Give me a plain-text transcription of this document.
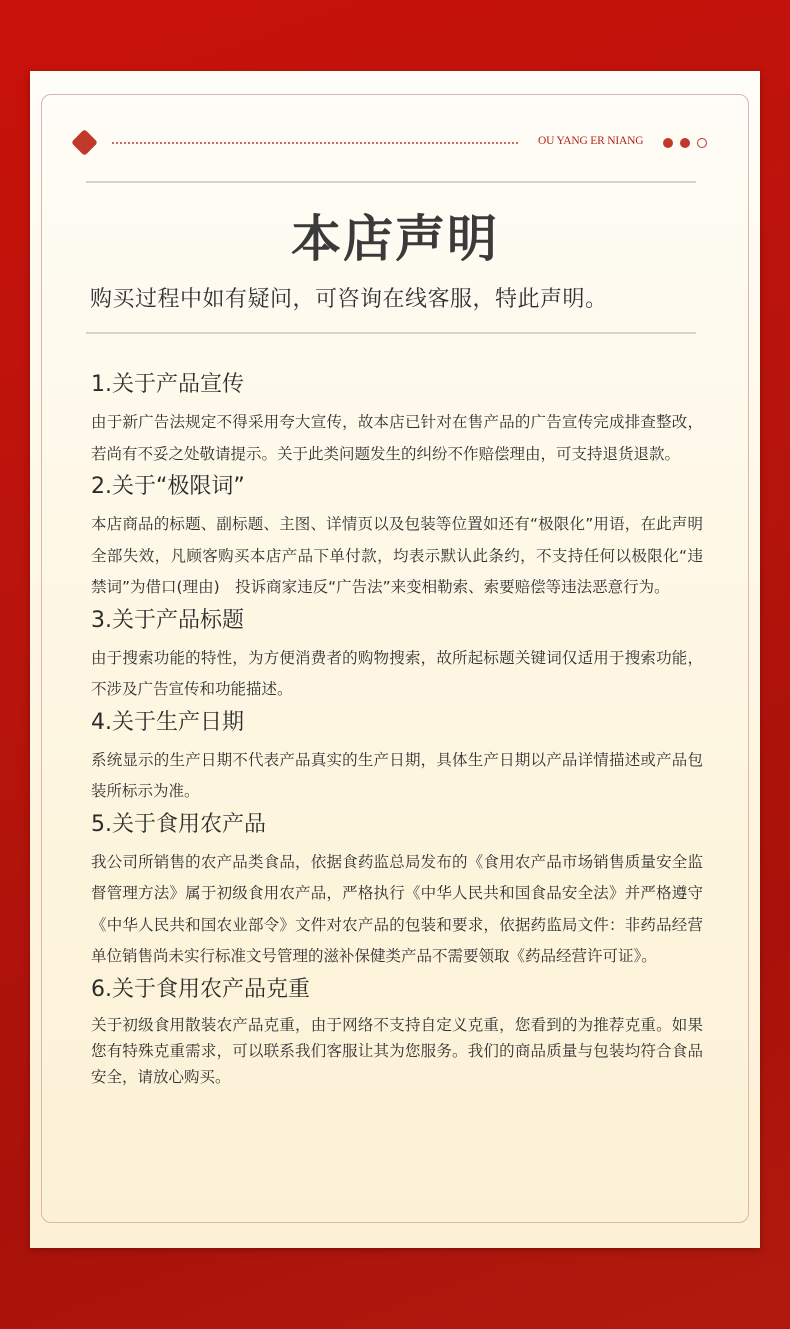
OU YANG ER NIANG
本店声明
购买过程中如有疑问，可咨询在线客服，特此声明。
1.关于产品宣传
由于新广告法规定不得采用夸大宣传，故本店已针对在售产品的广告宣传完成排查整改，若尚有不妥之处敬请提示。关于此类问题发生的纠纷不作赔偿理由，可支持退货退款。
2.关于“极限词”
本店商品的标题、副标题、主图、详情页以及包装等位置如还有“极限化”用语，在此声明全部失效，凡顾客购买本店产品下单付款，均表示默认此条约，不支持任何以极限化“违禁词”为借口(理由)　投诉商家违反“广告法”来变相勒索、索要赔偿等违法恶意行为。
3.关于产品标题
由于搜索功能的特性，为方便消费者的购物搜索，故所起标题关键词仅适用于搜索功能，不涉及广告宣传和功能描述。
4.关于生产日期
系统显示的生产日期不代表产品真实的生产日期，具体生产日期以产品详情描述或产品包装所标示为准。
5.关于食用农产品
我公司所销售的农产品类食品，依据食药监总局发布的《食用农产品市场销售质量安全监督管理方法》属于初级食用农产品，严格执行《中华人民共和国食品安全法》并严格遵守《中华人民共和国农业部令》文件对农产品的包装和要求，依据药监局文件：非药品经营单位销售尚未实行标准文号管理的滋补保健类产品不需要领取《药品经营许可证》。
6.关于食用农产品克重
关于初级食用散装农产品克重，由于网络不支持自定义克重，您看到的为推荐克重。如果您有特殊克重需求，可以联系我们客服让其为您服务。我们的商品质量与包装均符合食品安全，请放心购买。
